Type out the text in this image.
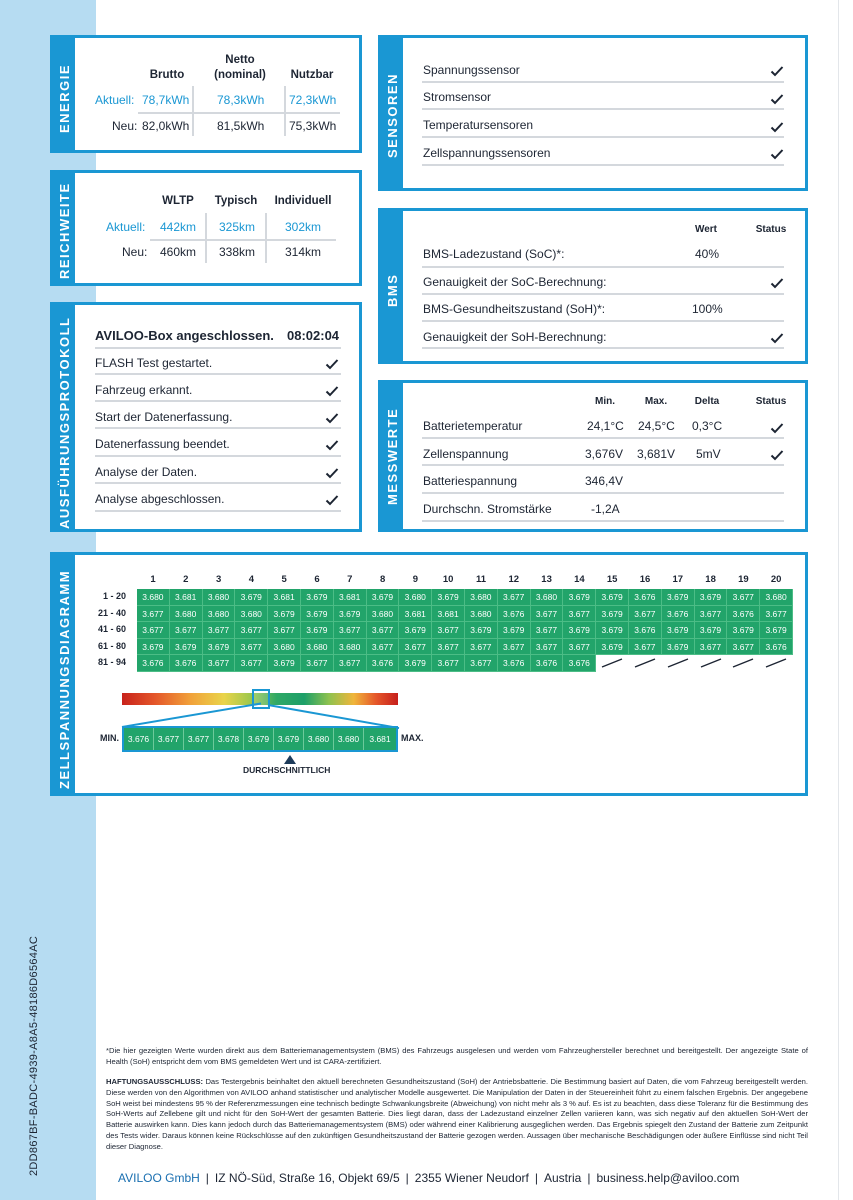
2DD867BF-BADC-4939-A8A5-48186D6564AC
ENERGIE	Brutto
Netto
(nominal)	Nutzbar
Aktuell: 78,7kWh 78,3kWh 72,3kWh
Neu: 82,0kWh 81,5kWh 75,3kWh
REICHWEITE	WLTP	Typisch	Individuell
Aktuell: 442km 325km 302km
Neu: 460km 338km 314km
AUSFÜHRUNGSPROTOKOLL AVILOO-Box angeschlossen. 08:02:04
FLASH Test gestartet.
Fahrzeug erkannt.
Start der Datenerfassung.
Datenerfassung beendet.
Analyse der Daten.
Analyse abgeschlossen.
SENSOREN
Spannungssensor
Stromsensor
Temperatursensoren
Zellspannungssensoren
BMS
Wert	Status
BMS-Ladezustand (SoC)*:	40%
Genauigkeit der SoC-Berechnung:
BMS-Gesundheitszustand (SoH)*:	100%
Genauigkeit der SoH-Berechnung:
MESSWERTE
Min.	Max.	Delta	Status
Batterietemperatur	24,1°C 24,5°C 0,3°C
Zellenspannung	3,676V 3,681V 5mV
Batteriespannung	346,4V
Durchschn. Stromstärke	-1,2A
ZELLSPANNUNGSDIAGRAMM	1	2	3	4	5	6	7	8	9	10	11	12	13	14	15	16	17	18	19	20
1 - 20	3.680	3.681	3.680	3.679	3.681	3.679	3.681	3.679	3.680	3.679	3.680	3.677	3.680	3.679	3.679	3.676	3.679	3.679	3.677	3.680
21 - 40	3.677	3.680	3.680	3.680	3.679	3.679	3.679	3.680	3.681	3.681	3.680	3.676	3.677	3.677	3.679	3.677	3.676	3.677	3.676	3.677
41 - 60	3.677	3.677	3.677	3.677	3.677	3.679	3.677	3.677	3.679	3.677	3.679	3.679	3.677	3.679	3.679	3.676	3.679	3.679	3.679	3.679
61 - 80	3.679	3.679	3.679	3.677	3.680	3.680	3.680	3.677	3.677	3.677	3.677	3.677	3.677	3.677	3.679	3.677	3.679	3.677	3.677	3.676
81 - 94	3.676	3.676	3.677	3.677	3.679	3.677	3.677	3.676	3.679	3.677	3.677	3.676	3.676	3.676
MIN.	3.676	3.677	3.677	3.678	3.679	3.679	3.680	3.680	3.681	MAX.
DURCHSCHNITTLICH
*Die hier gezeigten Werte wurden direkt aus dem Batteriemanagementsystem (BMS) des Fahrzeugs ausgelesen und werden vom Fahrzeughersteller berechnet und bereitgestellt. Der angezeigte State of Health (SoH) entspricht dem vom BMS gemeldeten Wert und ist CARA-zertifiziert.
HAFTUNGSAUSSCHLUSS: Das Testergebnis beinhaltet den aktuell berechneten Gesundheitszustand (SoH) der Antriebsbatterie. Die Bestimmung basiert auf Daten, die vom Fahrzeug bereitgestellt werden. Diese werden von den Algorithmen von AVILOO anhand statistischer und analytischer Modelle ausgewertet. Die Manipulation der Daten in der Steuereinheit führt zu einem falschen Ergebnis. Der angegebene SoH weist bei mindestens 95 % der Referenzmessungen eine technisch bedingte Schwankungsbreite (Abweichung) von nicht mehr als 3 % auf. Es ist zu beachten, dass diese Toleranz für die Bestimmung des SoH-Werts auf Zellebene gilt und nicht für den SoH-Wert der gesamten Batterie. Dies liegt daran, dass der Ladezustand einzelner Zellen variieren kann, was sich negativ auf den aktuellen SoH-Wert der Batterie auswirken kann. Dies kann jedoch durch das Batteriemanagementsystem (BMS) oder während einer Kalibrierung ausgeglichen werden. Das Ergebnis spiegelt den Zustand der Batterie zum Zeitpunkt des Tests wider. Daraus können keine Rückschlüsse auf den zukünftigen Gesundheitszustand der Batterie gezogen werden. Aussagen über mechanische Beschädigungen oder äußere Einflüsse sind nicht Teil dieser Diagnose.
AVILOO GmbH | IZ NÖ-Süd, Straße 16, Objekt 69/5 | 2355 Wiener Neudorf | Austria | business.help@aviloo.com
